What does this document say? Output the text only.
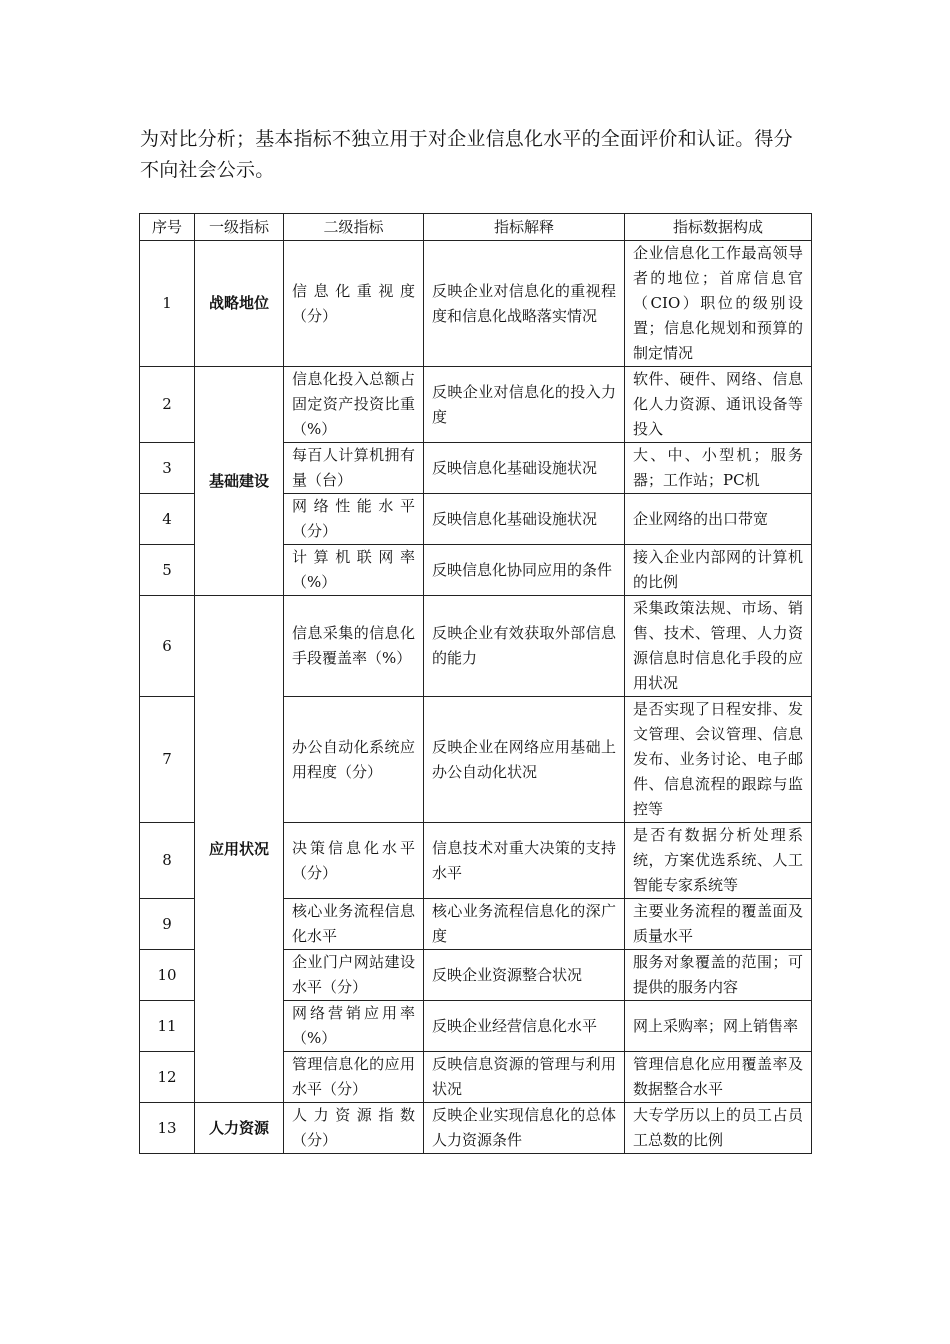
为对比分析；基本指标不独立用于对企业信息化水平的全面评价和认证。得分

不向社会公示。

序号	一级指标	二级指标	指标解释	指标数据构成
1	战略地位	信息化重视度（分）	反映企业对信息化的重视程度和信息化战略落实情况	企业信息化工作最高领导者的地位；首席信息官（CIO）职位的级别设置；信息化规划和预算的制定情况
2	基础建设	信息化投入总额占固定资产投资比重（%）	反映企业对信息化的投入力度	软件、硬件、网络、信息化人力资源、通讯设备等投入
3		每百人计算机拥有量（台）	反映信息化基础设施状况	大、中、小型机；服务器；工作站；PC机
4		网络性能水平（分）	反映信息化基础设施状况	企业网络的出口带宽
5		计算机联网率（%）	反映信息化协同应用的条件	接入企业内部网的计算机的比例
6	应用状况	信息采集的信息化手段覆盖率（%）	反映企业有效获取外部信息的能力	采集政策法规、市场、销售、技术、管理、人力资源信息时信息化手段的应用状况
7		办公自动化系统应用程度（分）	反映企业在网络应用基础上办公自动化状况	是否实现了日程安排、发文管理、会议管理、信息发布、业务讨论、电子邮件、信息流程的跟踪与监控等
8		决策信息化水平（分）	信息技术对重大决策的支持水平	是否有数据分析处理系统，方案优选系统、人工智能专家系统等
9		核心业务流程信息化水平	核心业务流程信息化的深广度	主要业务流程的覆盖面及质量水平
10		企业门户网站建设水平（分）	反映企业资源整合状况	服务对象覆盖的范围；可提供的服务内容
11		网络营销应用率（%）	反映企业经营信息化水平	网上采购率；网上销售率
12		管理信息化的应用水平（分）	反映信息资源的管理与利用状况	管理信息化应用覆盖率及数据整合水平
13	人力资源	人力资源指数（分）	反映企业实现信息化的总体人力资源条件	大专学历以上的员工占员工总数的比例
